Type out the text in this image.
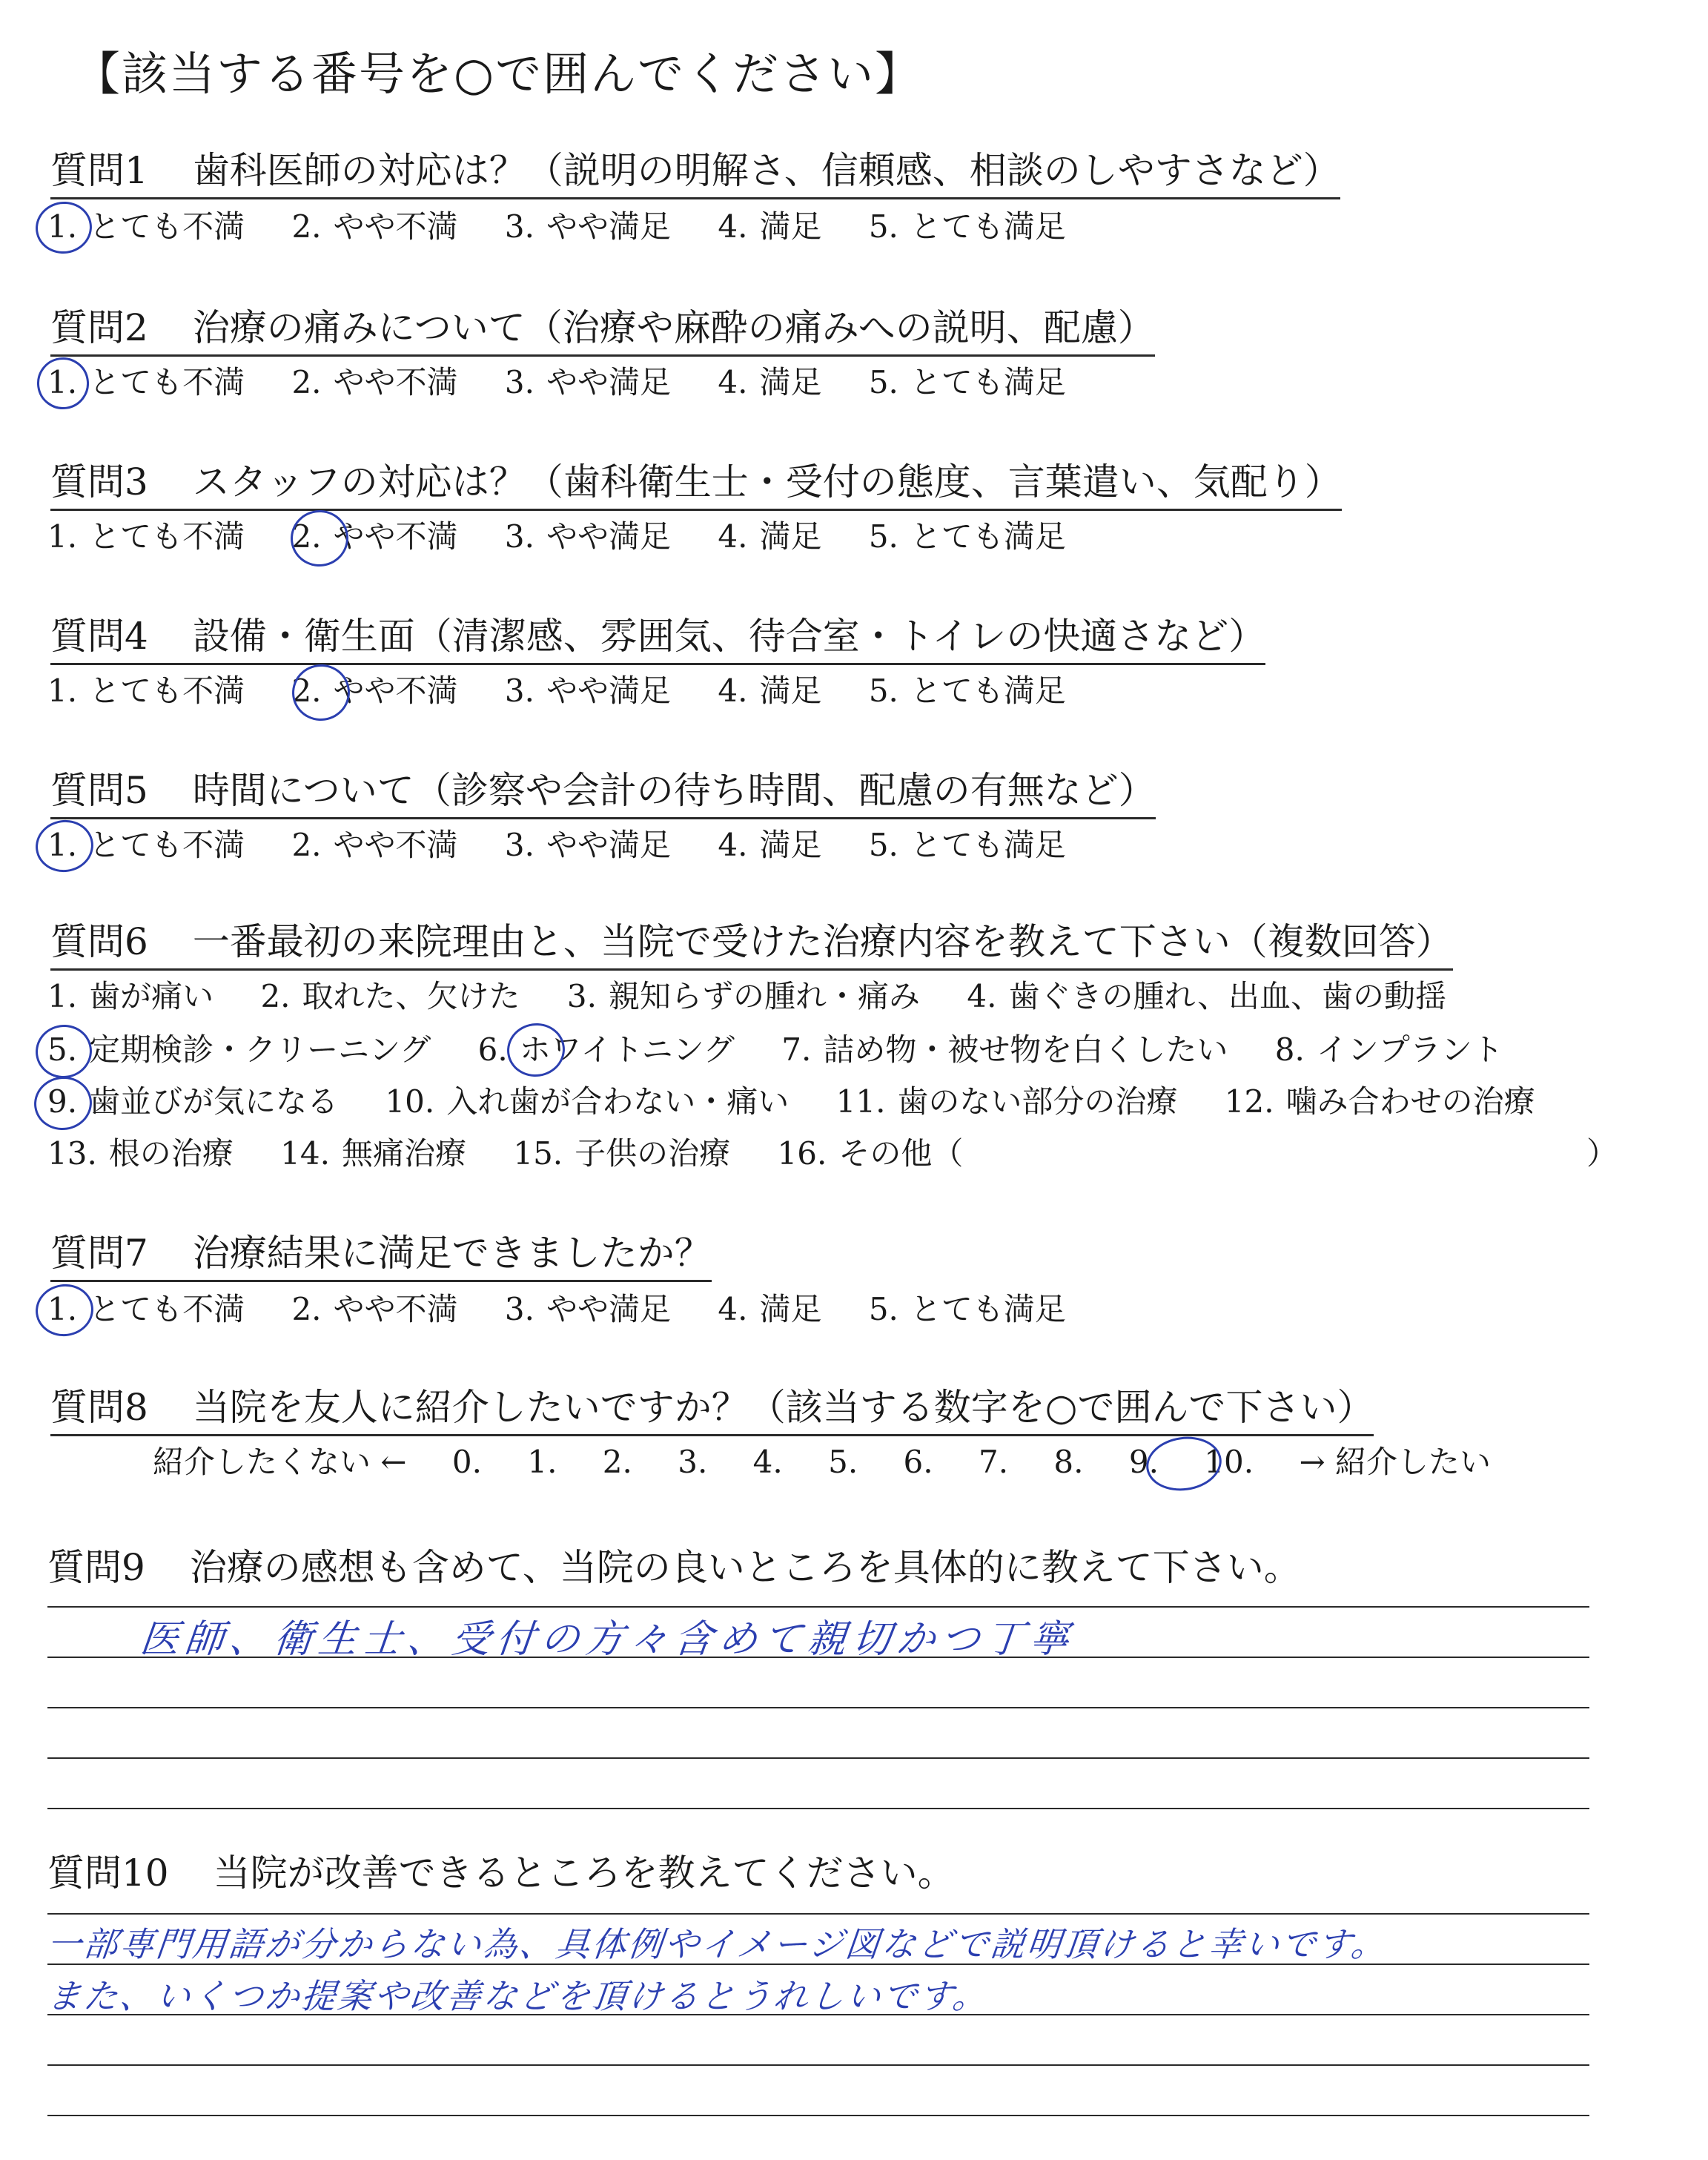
【該当する番号を○で囲んでください】
質問1 歯科医師の対応は？（説明の明解さ、信頼感、相談のしやすさなど）
1. とても不満 2. やや不満 3. やや満足 4. 満足 5. とても満足
質問2 治療の痛みについて（治療や麻酔の痛みへの説明、配慮）
1. とても不満 2. やや不満 3. やや満足 4. 満足 5. とても満足
質問3 スタッフの対応は？（歯科衛生士・受付の態度、言葉遣い、気配り）
1. とても不満 2. やや不満 3. やや満足 4. 満足 5. とても満足
質問4 設備・衛生面（清潔感、雰囲気、待合室・トイレの快適さなど）
1. とても不満 2. やや不満 3. やや満足 4. 満足 5. とても満足
質問5 時間について（診察や会計の待ち時間、配慮の有無など）
1. とても不満 2. やや不満 3. やや満足 4. 満足 5. とても満足
質問6 一番最初の来院理由と、当院で受けた治療内容を教えて下さい（複数回答）
1. 歯が痛い 2. 取れた、欠けた 3. 親知らずの腫れ・痛み 4. 歯ぐきの腫れ、出血、歯の動揺
5. 定期検診・クリーニング 6. ホワイトニング 7. 詰め物・被せ物を白くしたい 8. インプラント
9. 歯並びが気になる 10. 入れ歯が合わない・痛い 11. 歯のない部分の治療 12. 噛み合わせの治療
13. 根の治療 14. 無痛治療 15. 子供の治療 16. その他（	）
質問7 治療結果に満足できましたか？
1. とても不満 2. やや不満 3. やや満足 4. 満足 5. とても満足
質問8 当院を友人に紹介したいですか？（該当する数字を○で囲んで下さい）
紹介したくない ← 0. 1. 2. 3. 4. 5. 6. 7. 8. 9. 10. → 紹介したい
質問9 治療の感想も含めて、当院の良いところを具体的に教えて下さい。
医師、衛生士、受付の方々含めて親切かつ丁寧
質問10 当院が改善できるところを教えてください。
一部専門用語が分からない為、具体例やイメージ図などで説明頂けると幸いです。
また、いくつか提案や改善などを頂けるとうれしいです。
